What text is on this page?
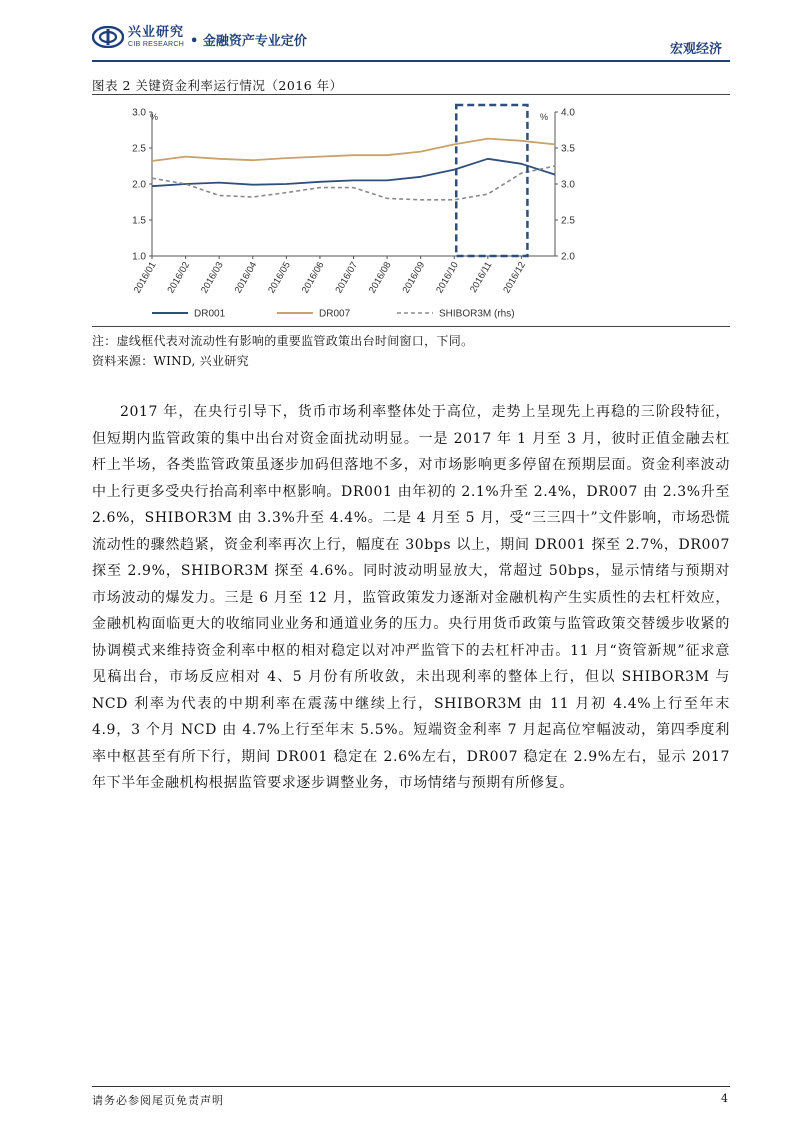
兴业研究
CIB RESEARCH • 金融资产专业定价
宏观经济
图表 2 关键资金利率运行情况（2016 年）
1.0
1.5
2.0
2.5
3.0
2.0
2.5
3.0
3.5
4.0
%	%
2016/01 2016/02 2016/03 2016/04 2016/05 2016/06 2016/07 2016/08 2016/09 2016/10 2016/11 2016/12
DR001	DR007	SHIBOR3M (rhs)
注：虚线框代表对流动性有影响的重要监管政策出台时间窗口，下同。
资料来源：WIND, 兴业研究
2017 年，在央行引导下，货币市场利率整体处于高位，走势上呈现先上再稳的三阶段特征，但短期内监管政策的集中出台对资金面扰动明显。一是 2017 年 1 月至 3 月，彼时正值金融去杠杆上半场，各类监管政策虽逐步加码但落地不多，对市场影响更多停留在预期层面。资金利率波动中上行更多受央行抬高利率中枢影响。DR001 由年初的 2.1%升至 2.4%，DR007 由 2.3%升至 2.6%，SHIBOR3M 由 3.3%升至 4.4%。二是 4 月至 5 月，受“三三四十”文件影响，市场恐慌流动性的骤然趋紧，资金利率再次上行，幅度在 30bps 以上，期间 DR001 探至 2.7%，DR007 探至 2.9%，SHIBOR3M 探至 4.6%。同时波动明显放大，常超过 50bps，显示情绪与预期对市场波动的爆发力。三是 6 月至 12 月，监管政策发力逐渐对金融机构产生实质性的去杠杆效应，金融机构面临更大的收缩同业业务和通道业务的压力。央行用货币政策与监管政策交替缓步收紧的协调模式来维持资金利率中枢的相对稳定以对冲严监管下的去杠杆冲击。11 月“资管新规”征求意见稿出台，市场反应相对 4、5 月份有所收敛，未出现利率的整体上行，但以 SHIBOR3M 与 NCD 利率为代表的中期利率在震荡中继续上行，SHIBOR3M 由 11 月初 4.4%上行至年末 4.9，3 个月 NCD 由 4.7%上行至年末 5.5%。短端资金利率 7 月起高位窄幅波动，第四季度利率中枢甚至有所下行，期间 DR001 稳定在 2.6%左右，DR007 稳定在 2.9%左右，显示 2017 年下半年金融机构根据监管要求逐步调整业务，市场情绪与预期有所修复。
请务必参阅尾页免责声明	4
